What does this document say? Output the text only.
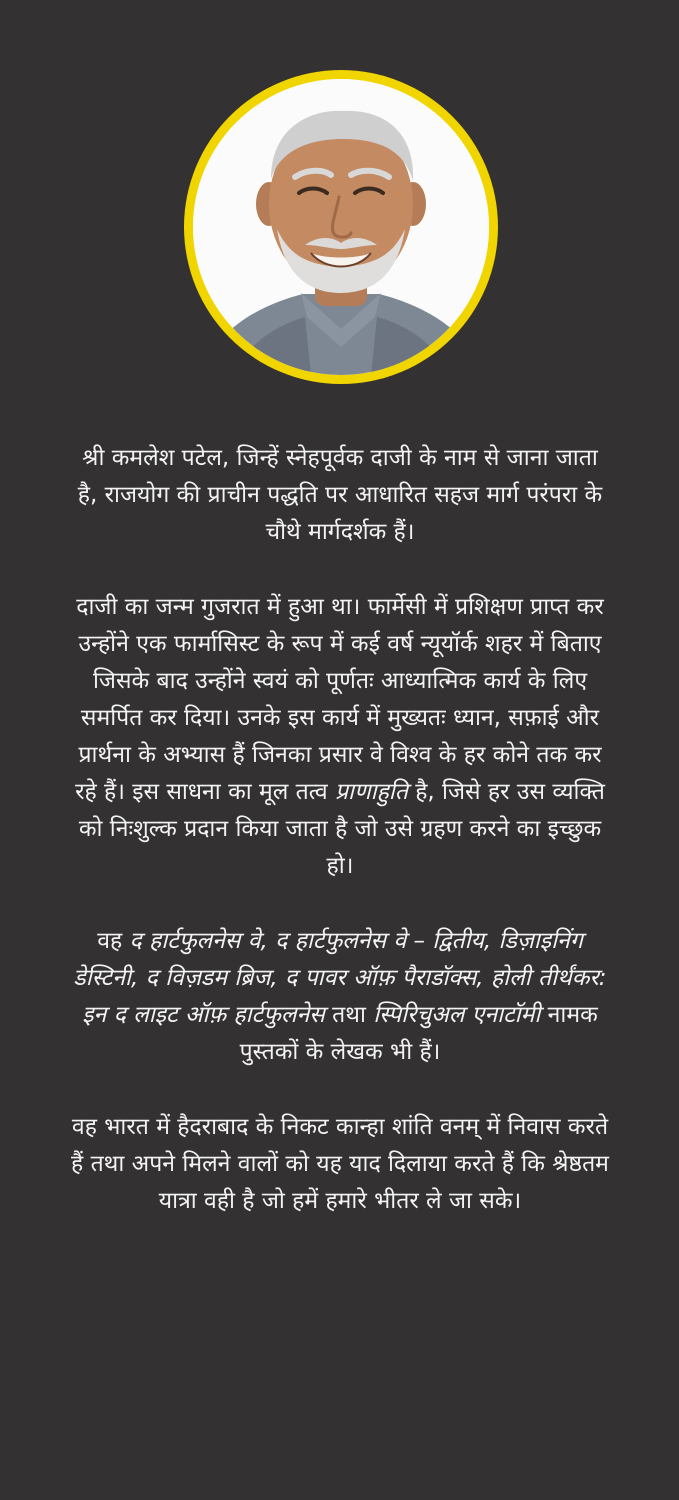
श्री कमलेश पटेल, जिन्हें स्नेहपूर्वक दाजी के नाम से जाना जाता है, राजयोग की प्राचीन पद्धति पर आधारित सहज मार्ग परंपरा के चौथे मार्गदर्शक हैं।

दाजी का जन्म गुजरात में हुआ था। फार्मेसी में प्रशिक्षण प्राप्त कर उन्होंने एक फार्मासिस्ट के रूप में कई वर्ष न्यूयॉर्क शहर में बिताए जिसके बाद उन्होंने स्वयं को पूर्णतः आध्यात्मिक कार्य के लिए समर्पित कर दिया। उनके इस कार्य में मुख्यतः ध्यान, सफ़ाई और प्रार्थना के अभ्यास हैं जिनका प्रसार वे विश्व के हर कोने तक कर रहे हैं। इस साधना का मूल तत्व प्राणाहुति है, जिसे हर उस व्यक्ति को निःशुल्क प्रदान किया जाता है जो उसे ग्रहण करने का इच्छुक हो।

वह द हार्टफुलनेस वे, द हार्टफुलनेस वे – द्वितीय, डिज़ाइनिंग डेस्टिनी, द विज़डम ब्रिज, द पावर ऑफ़ पैराडॉक्स, होली तीर्थंकर: इन द लाइट ऑफ़ हार्टफुलनेस तथा स्पिरिचुअल एनाटॉमी नामक पुस्तकों के लेखक भी हैं।

वह भारत में हैदराबाद के निकट कान्हा शांति वनम् में निवास करते हैं तथा अपने मिलने वालों को यह याद दिलाया करते हैं कि श्रेष्ठतम यात्रा वही है जो हमें हमारे भीतर ले जा सके।
